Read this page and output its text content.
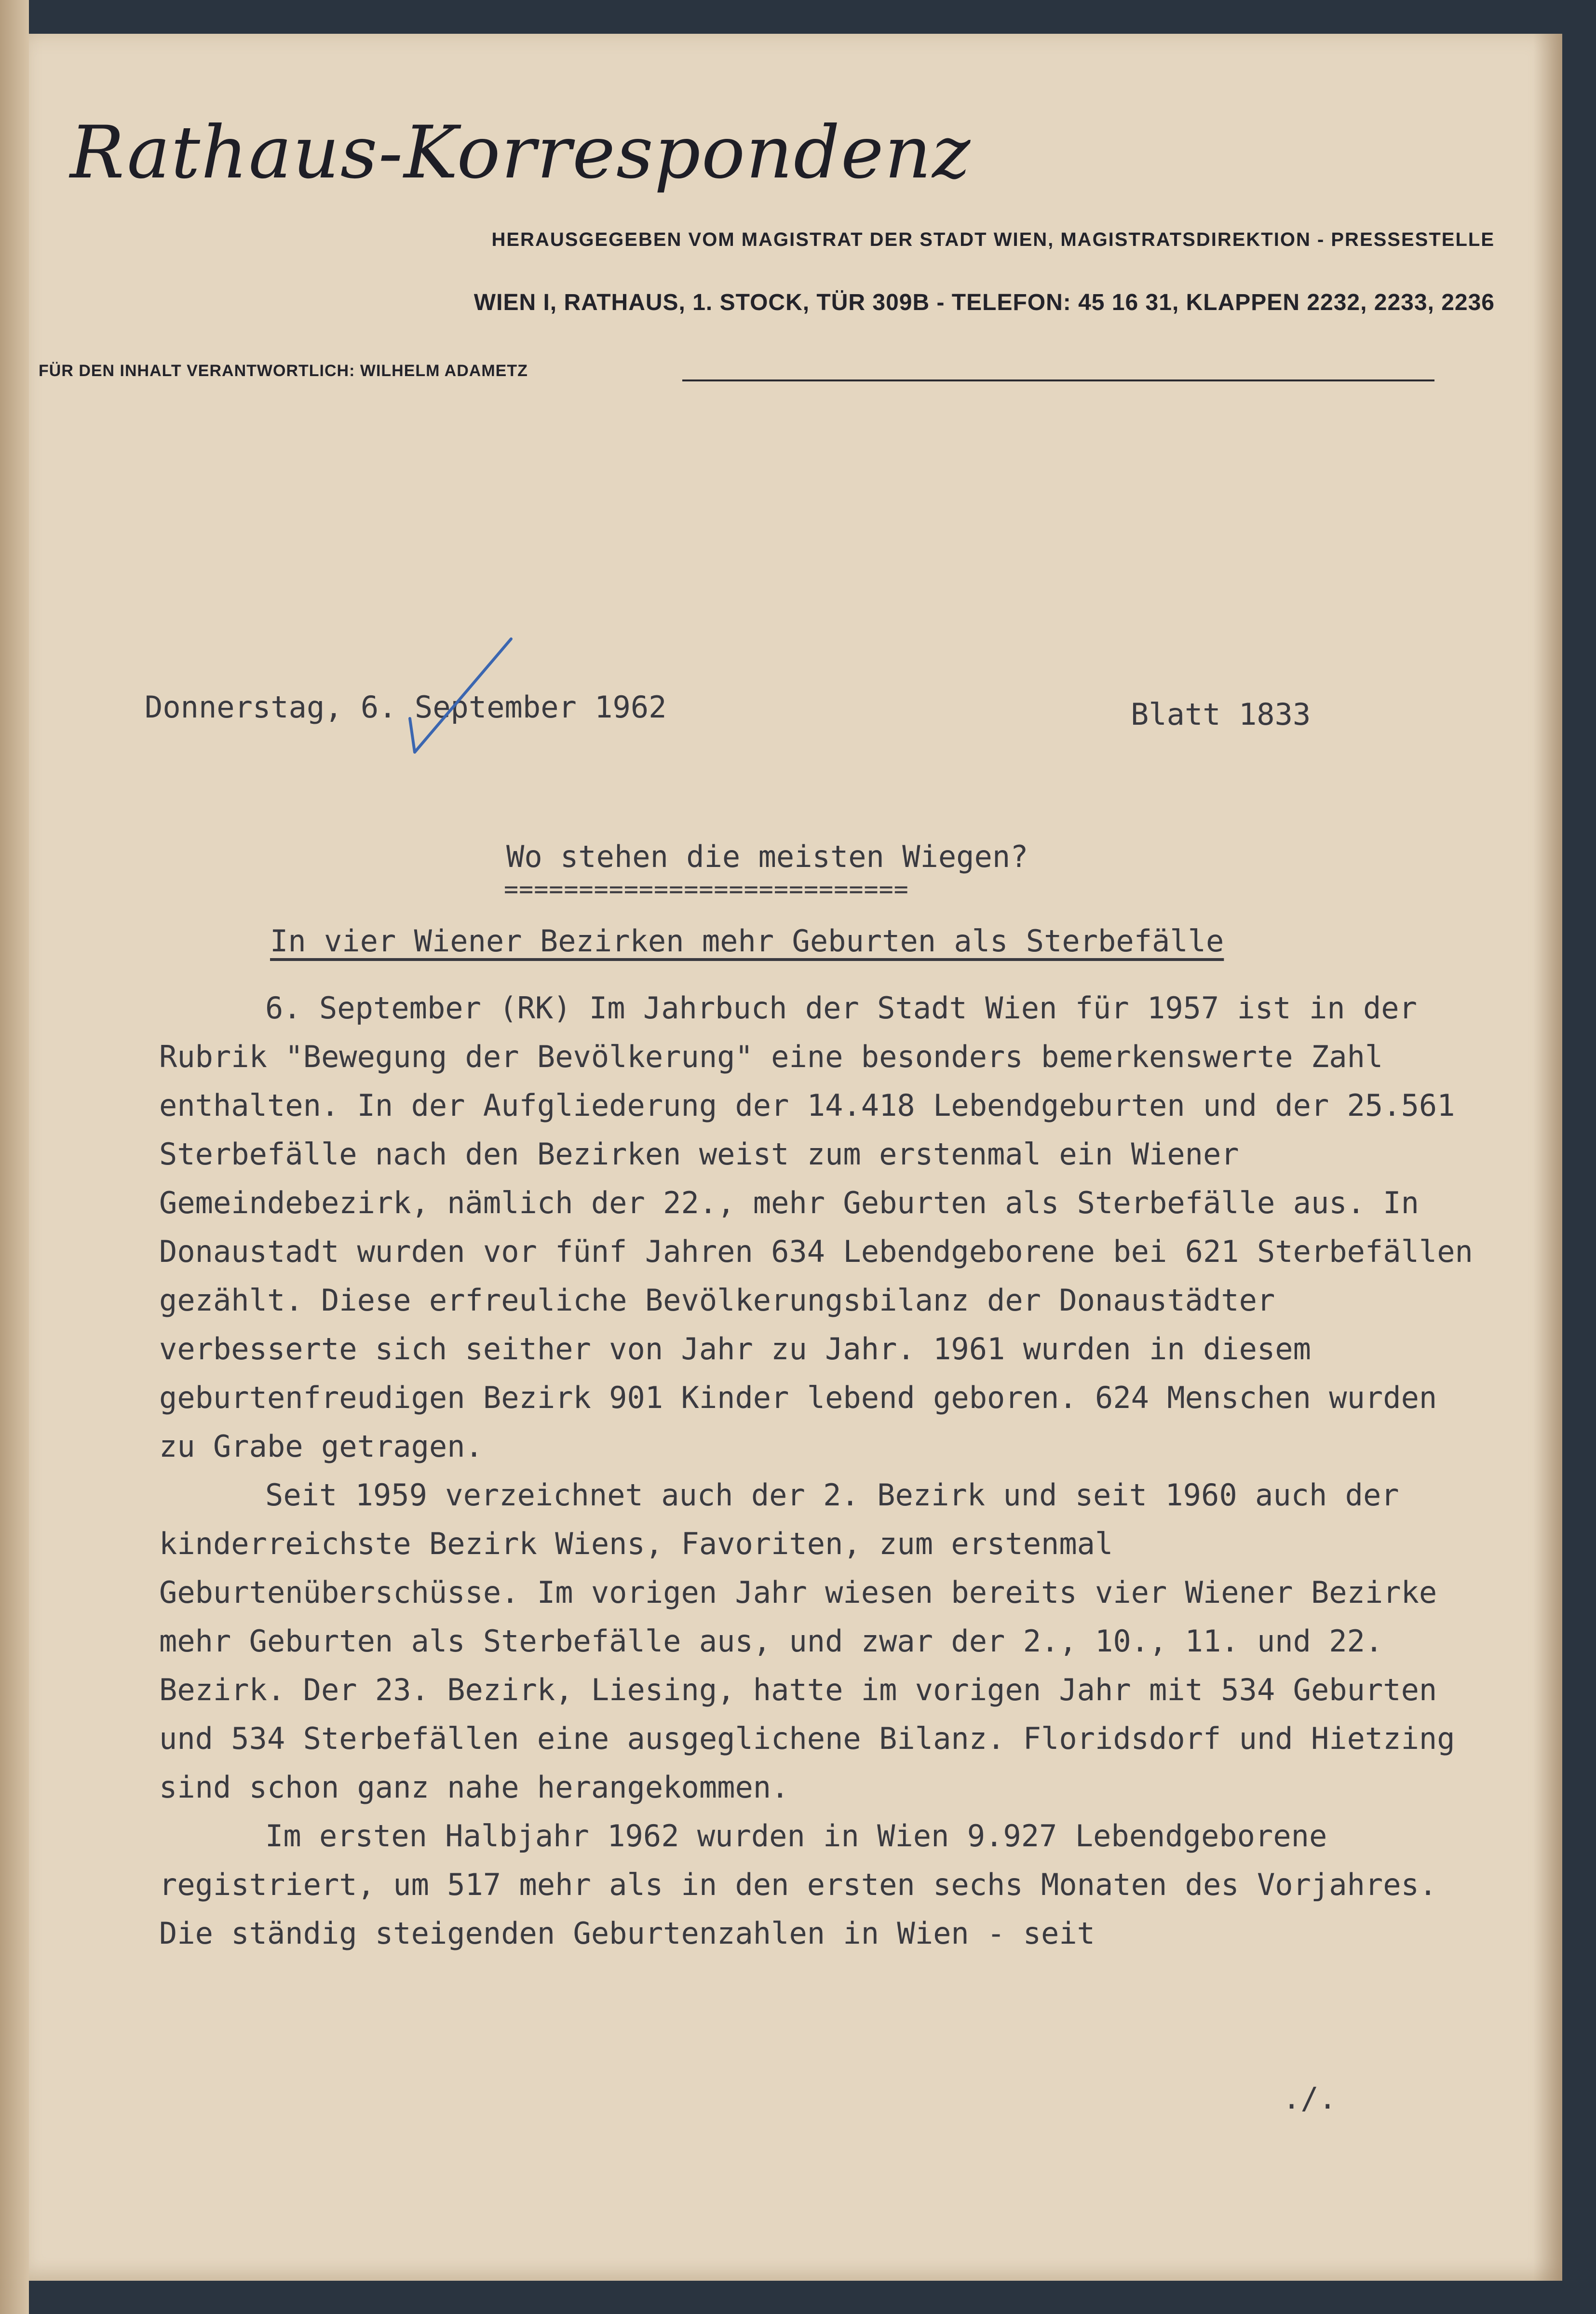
Rathaus-Korrespondenz
HERAUSGEGEBEN VOM MAGISTRAT DER STADT WIEN, MAGISTRATSDIREKTION - PRESSESTELLE
WIEN I, RATHAUS, 1. STOCK, TÜR 309B - TELEFON: 45 16 31, KLAPPEN 2232, 2233, 2236
FÜR DEN INHALT VERANTWORTLICH: WILHELM ADAMETZ
Donnerstag, 6. September 1962	Blatt 1833
Wo stehen die meisten Wiegen?
===========================
In vier Wiener Bezirken mehr Geburten als Sterbefälle

6. September (RK) Im Jahrbuch der Stadt Wien für 1957 ist in der Rubrik "Bewegung der Bevölkerung" eine besonders bemerkenswerte Zahl enthalten. In der Aufgliederung der 14.418 Lebendgeburten und der 25.561 Sterbefälle nach den Bezirken weist zum erstenmal ein Wiener Gemeindebezirk, nämlich der 22., mehr Geburten als Sterbefälle aus. In Donaustadt wurden vor fünf Jahren 634 Lebendgeborene bei 621 Sterbefällen gezählt. Diese erfreuliche Bevölkerungsbilanz der Donaustädter verbesserte sich seither von Jahr zu Jahr. 1961 wurden in diesem geburtenfreudigen Bezirk 901 Kinder lebend geboren. 624 Menschen wurden zu Grabe getragen.

Seit 1959 verzeichnet auch der 2. Bezirk und seit 1960 auch der kinderreichste Bezirk Wiens, Favoriten, zum erstenmal Geburtenüberschüsse. Im vorigen Jahr wiesen bereits vier Wiener Bezirke mehr Geburten als Sterbefälle aus, und zwar der 2., 10., 11. und 22. Bezirk. Der 23. Bezirk, Liesing, hatte im vorigen Jahr mit 534 Geburten und 534 Sterbefällen eine ausgeglichene Bilanz. Floridsdorf und Hietzing sind schon ganz nahe herangekommen.

Im ersten Halbjahr 1962 wurden in Wien 9.927 Lebendgeborene registriert, um 517 mehr als in den ersten sechs Monaten des Vorjahres. Die ständig steigenden Geburtenzahlen in Wien - seit

./.
